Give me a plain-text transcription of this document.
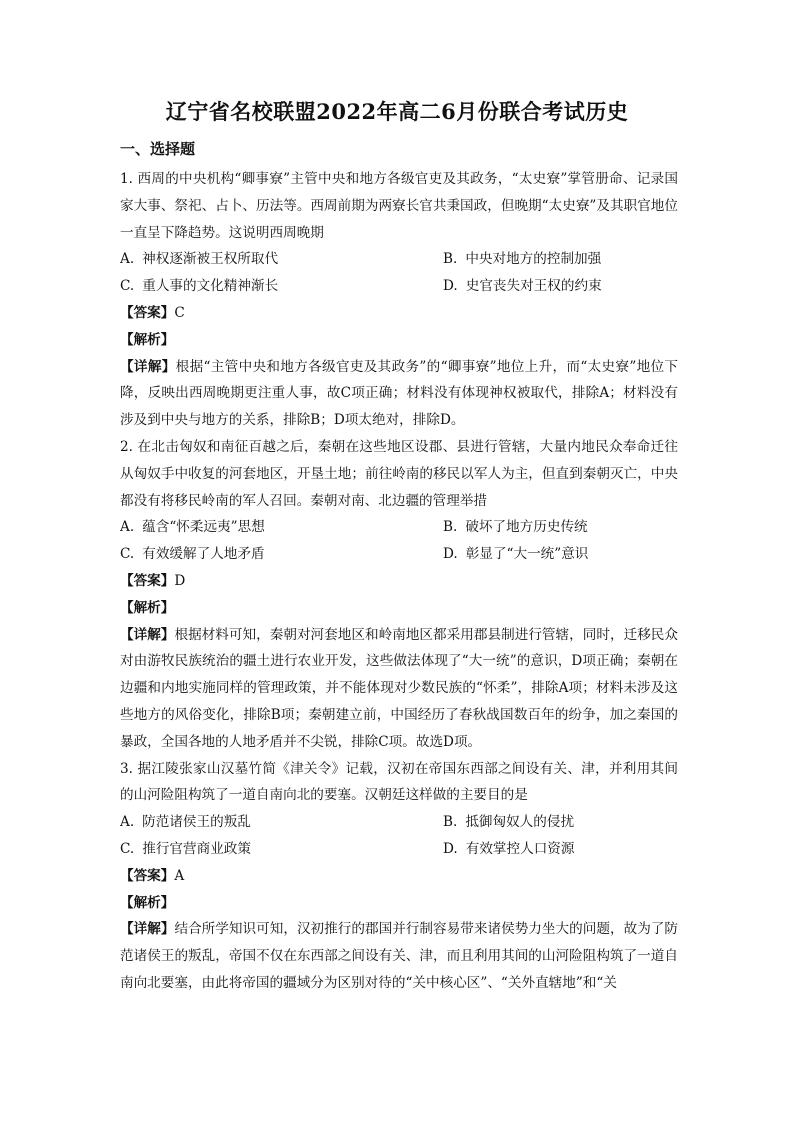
辽宁省名校联盟2022年高二6月份联合考试历史
一、选择题

1. 西周的中央机构“卿事寮”主管中央和地方各级官吏及其政务，“太史寮”掌管册命、记录国家大事、祭祀、占卜、历法等。西周前期为两寮长官共秉国政，但晚期“太史寮”及其职官地位一直呈下降趋势。这说明西周晚期

A. 神权逐渐被王权所取代	B. 中央对地方的控制加强
C. 重人事的文化精神渐长	D. 史官丧失对王权的约束

【答案】C

【解析】

【详解】根据“主管中央和地方各级官吏及其政务”的“卿事寮”地位上升，而“太史寮”地位下降，反映出西周晚期更注重人事，故C项正确；材料没有体现神权被取代，排除A；材料没有涉及到中央与地方的关系，排除B；D项太绝对，排除D。

2. 在北击匈奴和南征百越之后，秦朝在这些地区设郡、县进行管辖，大量内地民众奉命迁往从匈奴手中收复的河套地区，开垦土地；前往岭南的移民以军人为主，但直到秦朝灭亡，中央都没有将移民岭南的军人召回。秦朝对南、北边疆的管理举措

A. 蕴含“怀柔远夷”思想	B. 破坏了地方历史传统
C. 有效缓解了人地矛盾	D. 彰显了“大一统”意识

【答案】D

【解析】

【详解】根据材料可知，秦朝对河套地区和岭南地区都采用郡县制进行管辖，同时，迁移民众对由游牧民族统治的疆土进行农业开发，这些做法体现了“大一统”的意识，D项正确；秦朝在边疆和内地实施同样的管理政策，并不能体现对少数民族的“怀柔”，排除A项；材料未涉及这些地方的风俗变化，排除B项；秦朝建立前，中国经历了春秋战国数百年的纷争，加之秦国的暴政，全国各地的人地矛盾并不尖锐，排除C项。故选D项。

3. 据江陵张家山汉墓竹简《津关令》记载，汉初在帝国东西部之间设有关、津，并利用其间的山河险阻构筑了一道自南向北的要塞。汉朝廷这样做的主要目的是

A. 防范诸侯王的叛乱	B. 抵御匈奴人的侵扰
C. 推行官营商业政策	D. 有效掌控人口资源

【答案】A

【解析】

【详解】结合所学知识可知，汉初推行的郡国并行制容易带来诸侯势力坐大的问题，故为了防范诸侯王的叛乱，帝国不仅在东西部之间设有关、津，而且利用其间的山河险阻构筑了一道自南向北要塞，由此将帝国的疆域分为区别对待的“关中核心区”、“关外直辖地”和“关
